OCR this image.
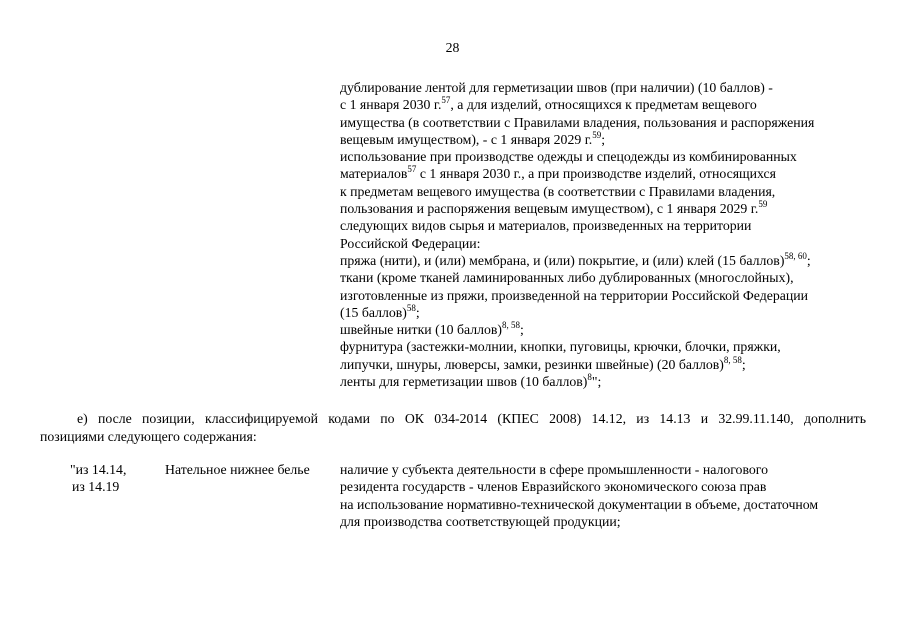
28
дублирование лентой для герметизации швов (при наличии) (10 баллов) -
с 1 января 2030 г.$^{57}$, а для изделий, относящихся к предметам вещевого
имущества (в соответствии с Правилами владения, пользования и распоряжения
вещевым имуществом), - с 1 января 2029 г.$^{59}$;
использование при производстве одежды и спецодежды из комбинированных
материалов$^{57}$ с 1 января 2030 г., а при производстве изделий, относящихся
к предметам вещевого имущества (в соответствии с Правилами владения,
пользования и распоряжения вещевым имуществом), с 1 января 2029 г.$^{59}$
следующих видов сырья и материалов, произведенных на территории
Российской Федерации:
пряжа (нити), и (или) мембрана, и (или) покрытие, и (или) клей (15 баллов)$^{58, 60}$;
ткани (кроме тканей ламинированных либо дублированных (многослойных),
изготовленные из пряжи, произведенной на территории Российской Федерации
(15 баллов)$^{58}$;
швейные нитки (10 баллов)$^{8, 58}$;
фурнитура (застежки-молнии, кнопки, пуговицы, крючки, блочки, пряжки,
липучки, шнуры, люверсы, замки, резинки швейные) (20 баллов)$^{8, 58}$;
ленты для герметизации швов (10 баллов)$^8$";
е) после позиции, классифицируемой кодами по ОК 034-2014 (КПЕС 2008) 14.12, из 14.13 и 32.99.11.140, дополнить
позициями следующего содержания:
"из 14.14,
из 14.19
Нательное нижнее белье наличие у субъекта деятельности в сфере промышленности - налогового
резидента государств - членов Евразийского экономического союза прав
на использование нормативно-технической документации в объеме, достаточном
для производства соответствующей продукции;
